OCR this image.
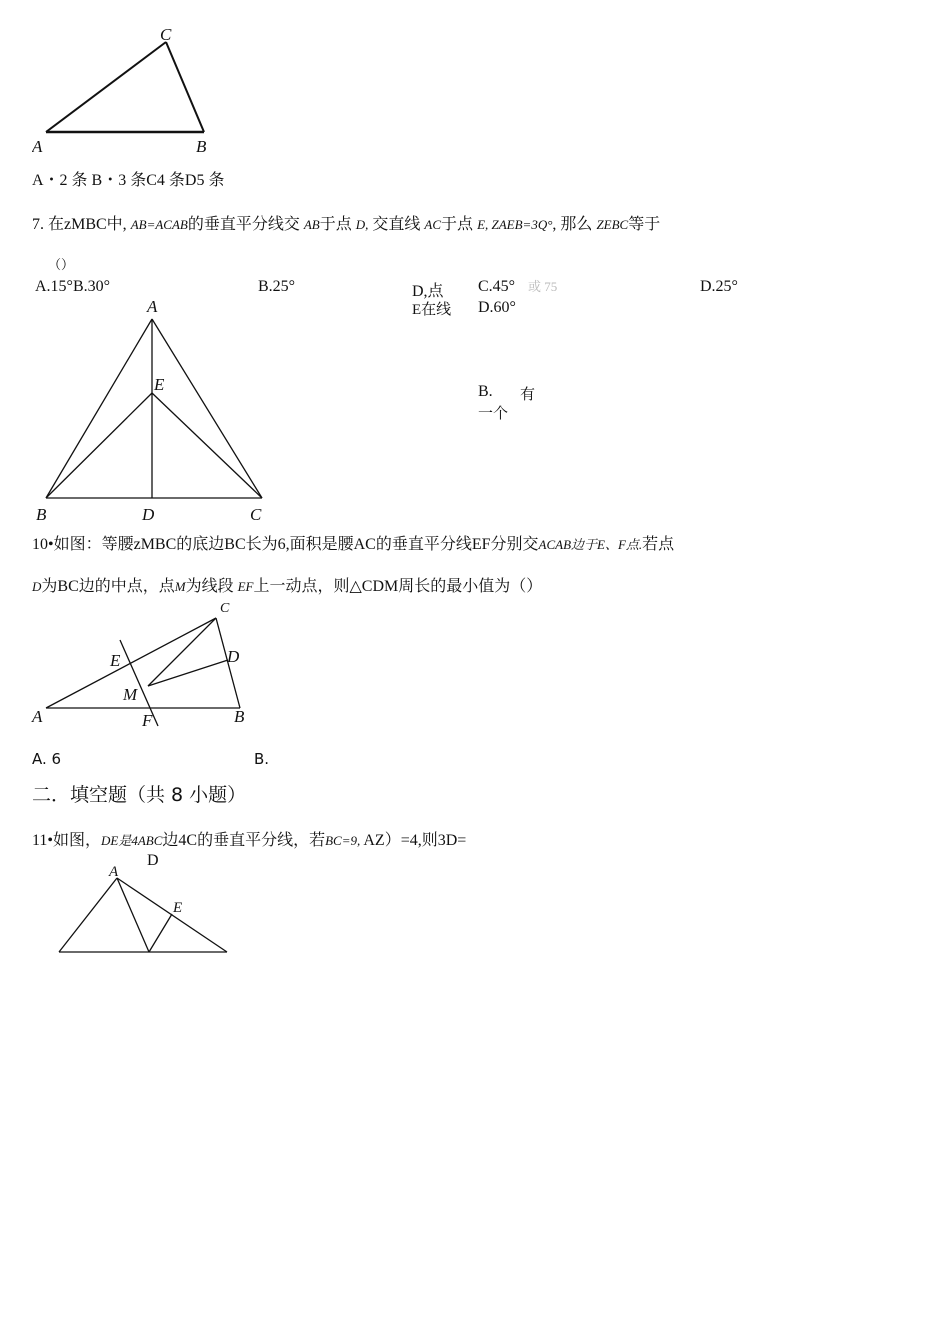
C
A	B
A・2 条 B・3 条C4 条D5 条
7. 在zMBC中, AB=ACAB的垂直平分线交 AB于点 D, 交直线 AC于点 E, ZAEB=3Q°, 那么 ZEBC等于
（）
A.15°B.30°	B.25°	D,点
E在线
C.45° 或 75	D.25°
D.60°
B. 有
一个
A
E
B	D	C
10•如图：等腰zMBC的底边BC长为6,面积是腰AC的垂直平分线EF分别交ACAB边于E、F点.若点
D为BC边的中点，点M为线段 EF上一动点，则△CDM周长的最小值为（）
C
E	D
M
A	F	B
A. 6	B.
二．填空题（共 8 小题）
11•如图，DE是4ABC边4C的垂直平分线，若BC=9, AZ）=4,则3D=
A
E
D
